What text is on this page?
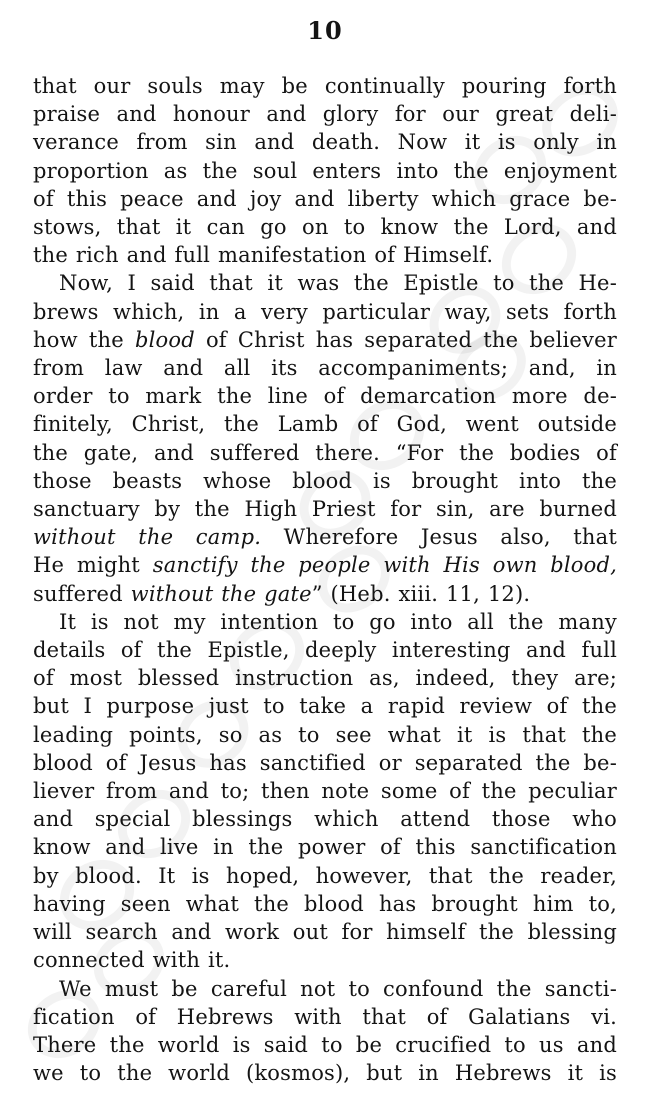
10
that our souls may be continually pouring forth
praise and honour and glory for our great deli-
verance from sin and death. Now it is only in
proportion as the soul enters into the enjoyment
of this peace and joy and liberty which grace be-
stows, that it can go on to know the Lord, and
the rich and full manifestation of Himself.
Now, I said that it was the Epistle to the He-
brews which, in a very particular way, sets forth
how the blood of Christ has separated the believer
from law and all its accompaniments; and, in
order to mark the line of demarcation more de-
finitely, Christ, the Lamb of God, went outside
the gate, and suffered there. “For the bodies of
those beasts whose blood is brought into the
sanctuary by the High Priest for sin, are burned
without the camp. Wherefore Jesus also, that
He might sanctify the people with His own blood,
suffered without the gate” (Heb. xiii. 11, 12).
It is not my intention to go into all the many
details of the Epistle, deeply interesting and full
of most blessed instruction as, indeed, they are;
but I purpose just to take a rapid review of the
leading points, so as to see what it is that the
blood of Jesus has sanctified or separated the be-
liever from and to; then note some of the peculiar
and special blessings which attend those who
know and live in the power of this sanctification
by blood. It is hoped, however, that the reader,
having seen what the blood has brought him to,
will search and work out for himself the blessing
connected with it.
We must be careful not to confound the sancti-
fication of Hebrews with that of Galatians vi.
There the world is said to be crucified to us and
we to the world (kosmos), but in Hebrews it is
